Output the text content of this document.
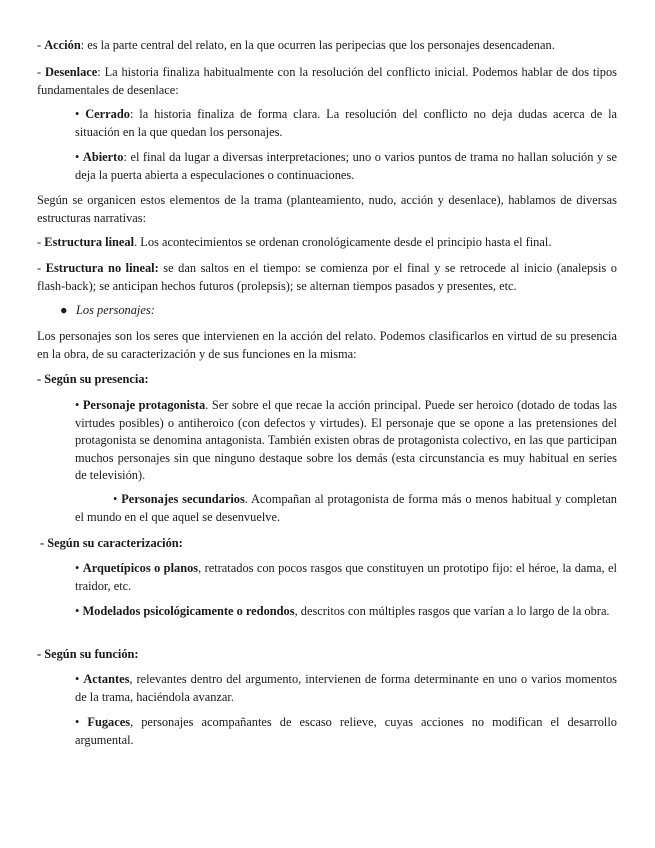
- Acción: es la parte central del relato, en la que ocurren las peripecias que los personajes desencadenan.

- Desenlace: La historia finaliza habitualmente con la resolución del conflicto inicial. Podemos hablar de dos tipos fundamentales de desenlace:

• Cerrado: la historia finaliza de forma clara. La resolución del conflicto no deja dudas acerca de la situación en la que quedan los personajes.

• Abierto: el final da lugar a diversas interpretaciones; uno o varios puntos de trama no hallan solución y se deja la puerta abierta a especulaciones o continuaciones.

Según se organicen estos elementos de la trama (planteamiento, nudo, acción y desenlace), hablamos de diversas estructuras narrativas:

- Estructura lineal. Los acontecimientos se ordenan cronológicamente desde el principio hasta el final.

- Estructura no lineal: se dan saltos en el tiempo: se comienza por el final y se retrocede al inicio (analepsis o flash-back); se anticipan hechos futuros (prolepsis); se alternan tiempos pasados y presentes, etc.

● Los personajes:

Los personajes son los seres que intervienen en la acción del relato. Podemos clasificarlos en virtud de su presencia en la obra, de su caracterización y de sus funciones en la misma:

- Según su presencia:

• Personaje protagonista. Ser sobre el que recae la acción principal. Puede ser heroico (dotado de todas las virtudes posibles) o antiheroico (con defectos y virtudes). El personaje que se opone a las pretensiones del protagonista se denomina antagonista. También existen obras de protagonista colectivo, en las que participan muchos personajes sin que ninguno destaque sobre los demás (esta circunstancia es muy habitual en series de televisión).

• Personajes secundarios. Acompañan al protagonista de forma más o menos habitual y completan el mundo en el que aquel se desenvuelve.

- Según su caracterización:

• Arquetípicos o planos, retratados con pocos rasgos que constituyen un prototipo fijo: el héroe, la dama, el traidor, etc.

• Modelados psicológicamente o redondos, descritos con múltiples rasgos que varían a lo largo de la obra.

- Según su función:

• Actantes, relevantes dentro del argumento, intervienen de forma determinante en uno o varios momentos de la trama, haciéndola avanzar.

• Fugaces, personajes acompañantes de escaso relieve, cuyas acciones no modifican el desarrollo argumental.
